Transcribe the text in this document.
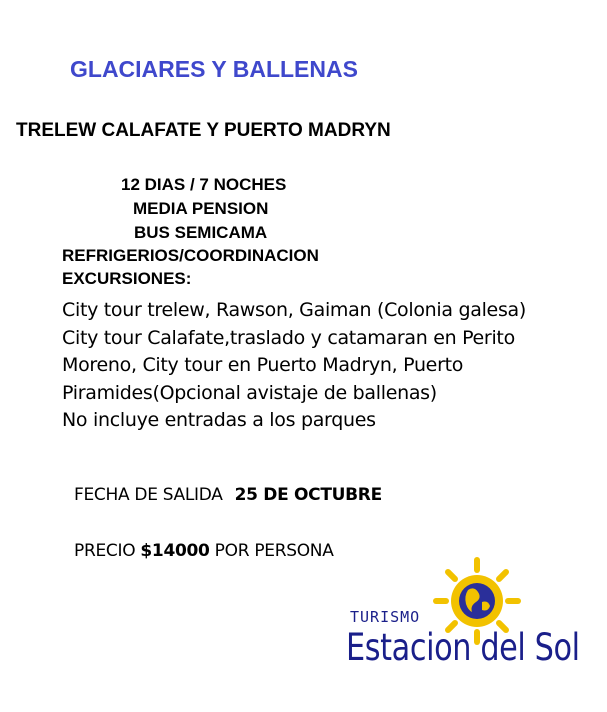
GLACIARES Y BALLENAS
TRELEW CALAFATE Y PUERTO MADRYN
12 DIAS / 7 NOCHES
MEDIA PENSION
BUS SEMICAMA
REFRIGERIOS/COORDINACION
EXCURSIONES:
City tour trelew, Rawson, Gaiman (Colonia galesa)
City tour Calafate,traslado y catamaran en Perito
Moreno, City tour en Puerto Madryn, Puerto
Piramides(Opcional avistaje de ballenas)
No incluye entradas a los parques
FECHA DE SALIDA 25 DE OCTUBRE
PRECIO $14000 POR PERSONA
TURISMO
Estacion del Sol
